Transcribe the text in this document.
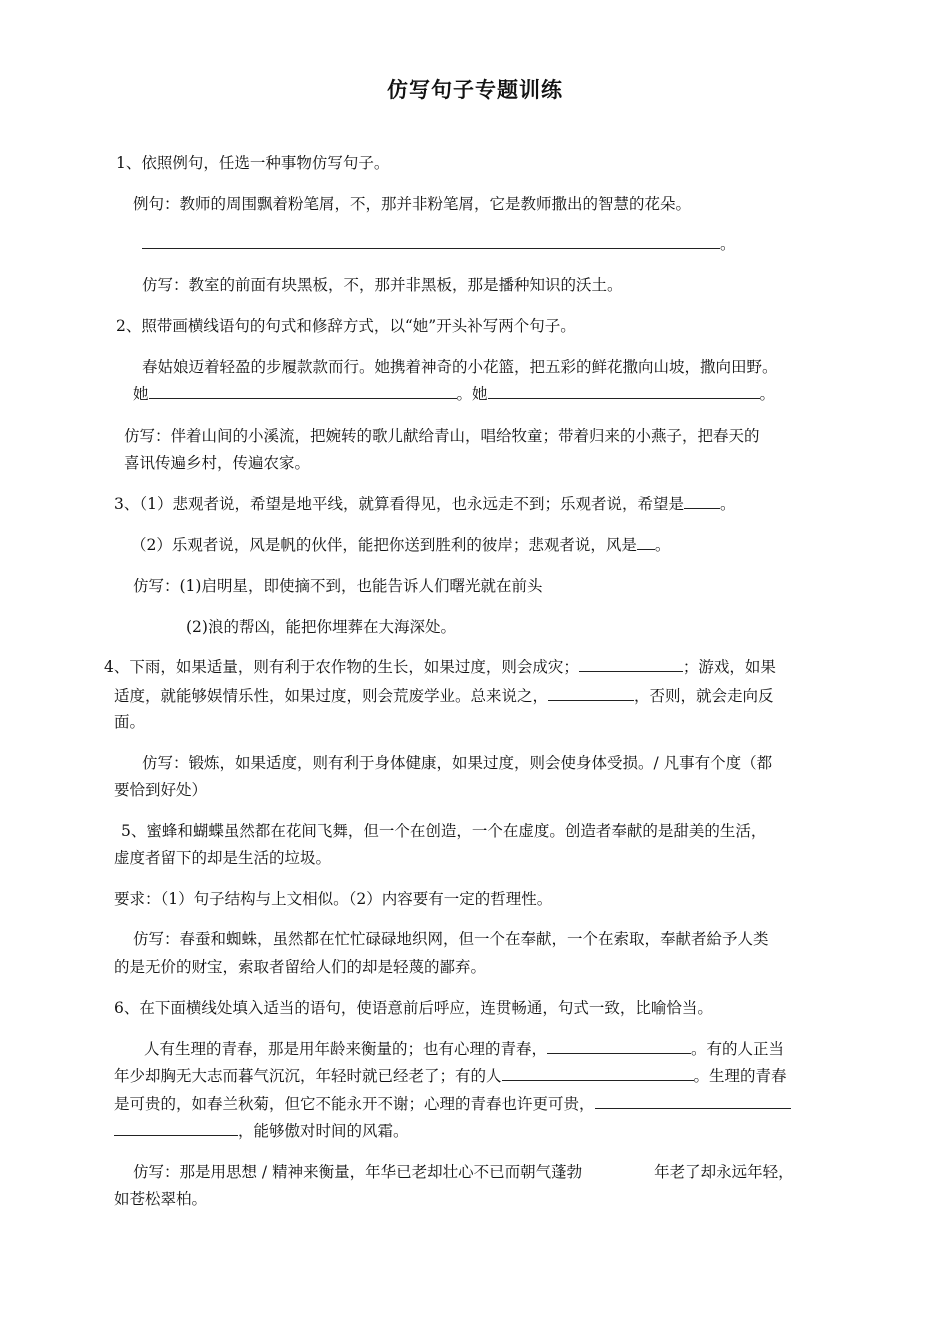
仿写句子专题训练
1、依照例句，任选一种事物仿写句子。
例句：教师的周围飘着粉笔屑，不，那并非粉笔屑，它是教师撒出的智慧的花朵。
。
仿写：教室的前面有块黑板，不，那并非黑板，那是播种知识的沃土。
2、照带画横线语句的句式和修辞方式，以“她”开头补写两个句子。
春姑娘迈着轻盈的步履款款而行。她携着神奇的小花篮，把五彩的鲜花撒向山坡，撒向田野。
她	。她	。
仿写：伴着山间的小溪流，把婉转的歌儿献给青山，唱给牧童；带着归来的小燕子，把春天的
喜讯传遍乡村，传遍农家。
3、（1）悲观者说，希望是地平线，就算看得见，也永远走不到；乐观者说，希望是 。
（2）乐观者说，风是帆的伙伴，能把你送到胜利的彼岸；悲观者说，风是 。
仿写：(1)启明星，即使摘不到，也能告诉人们曙光就在前头
(2)浪的帮凶，能把你埋葬在大海深处。
4、下雨，如果适量，则有利于农作物的生长，如果过度，则会成灾；	；游戏，如果
适度，就能够娱情乐性，如果过度，则会荒废学业。总来说之，	，否则，就会走向反
面。
仿写：锻炼，如果适度，则有利于身体健康，如果过度，则会使身体受损。/ 凡事有个度（都
要恰到好处）
5、蜜蜂和蝴蝶虽然都在花间飞舞，但一个在创造，一个在虚度。创造者奉献的是甜美的生活，
虚度者留下的却是生活的垃圾。
要求：（1）句子结构与上文相似。（2）内容要有一定的哲理性。
仿写：春蚕和蜘蛛，虽然都在忙忙碌碌地织网，但一个在奉献，一个在索取，奉献者給予人类
的是无价的财宝，索取者留给人们的却是轻蔑的鄙弃。
6、在下面横线处填入适当的语句，使语意前后呼应，连贯畅通，句式一致，比喻恰当。
人有生理的青春，那是用年龄来衡量的；也有心理的青春，	。有的人正当
年少却胸无大志而暮气沉沉，年轻时就已经老了；有的人	。生理的青春
是可贵的，如春兰秋菊，但它不能永开不谢；心理的青春也许更可贵，
，能够傲对时间的风霜。
仿写：那是用思想 / 精神来衡量，年华已老却壮心不已而朝气蓬勃	年老了却永远年轻，
如苍松翠柏。
